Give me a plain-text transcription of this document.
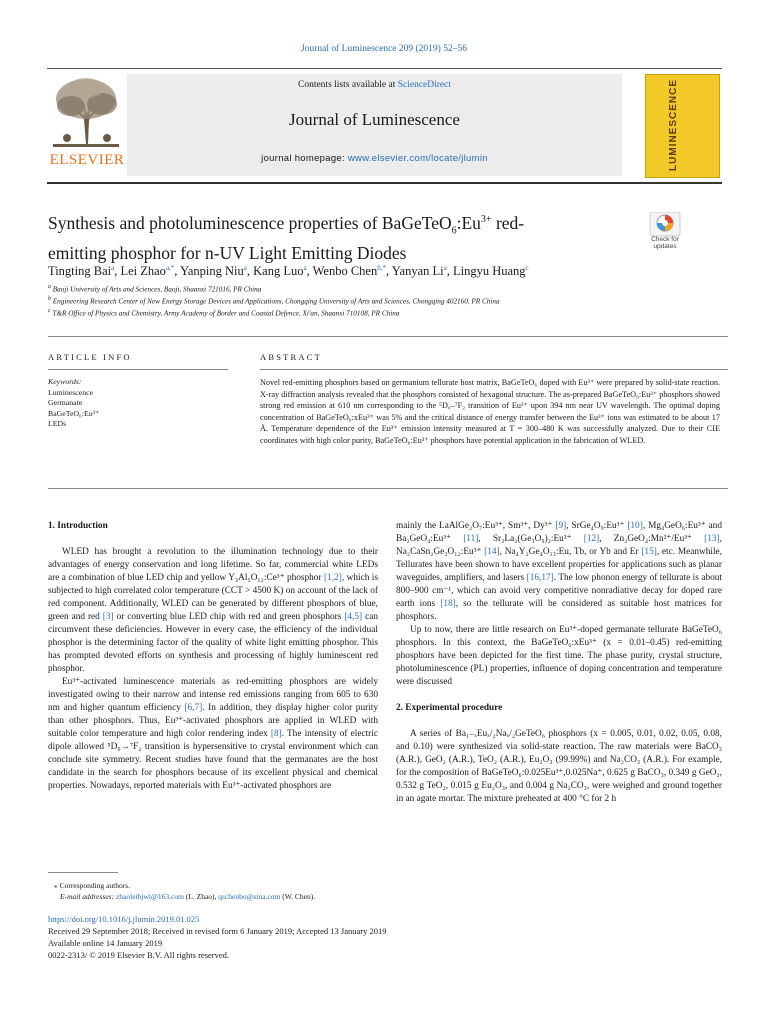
Journal of Luminescence 209 (2019) 52–56
ELSEVIER
Contents lists available at ScienceDirect
Journal of Luminescence
journal homepage: www.elsevier.com/locate/jlumin	LUMINESCENCE
Synthesis and photoluminescence properties of $BaGeTeO_6:Eu^{3+}$ red-
emitting phosphor for n-UV Light Emitting Diodes
Check for
updates
Tingting Bai$^a$, Lei Zhao$^{a,*}$, Yanping Niu$^a$, Kang Luo$^a$, Wenbo Chen$^{b,*}$, Yanyan Li$^a$, Lingyu Huang$^c$
$^a$ Baoji University of Arts and Sciences, Baoji, Shaanxi 721016, PR China
$^b$ Engineering Research Center of New Energy Storage Devices and Applications, Chongqing University of Arts and Sciences, Chongqing 402160, PR China
$^c$ T&R Office of Physics and Chemistry, Army Academy of Border and Coastal Defence, Xi'an, Shaanxi 710108, PR China
ARTICLE INFO	ABSTRACT
Keywords:
Luminescence
Germanate
BaGeTeO₆:Eu³⁺
LEDs
Novel red-emitting phosphors based on germanium tellurate host matrix, BaGeTeO₆ doped with Eu³⁺ were prepared by solid-state reaction. X-ray diffraction analysis revealed that the phosphors consisted of hexagonal structure. The as-prepared BaGeTeO₆:Eu³⁺ phosphors showed strong red emission at 610 nm corresponding to the ⁵D₀–⁷F₂ transition of Eu³⁺ upon 394 nm near UV wavelength. The optimal doping concentration of BaGeTeO₆:xEu³⁺ was 5% and the critical distance of energy transfer between the Eu³⁺ ions was estimated to be about 17 Å. Temperature dependence of the Eu³⁺ emission intensity measured at T = 300–480 K was successfully analyzed. Due to their CIE coordinates with high color purity, BaGeTeO₆:Eu³⁺ phosphors have potential application in the fabrication of WLED.

1. Introduction

WLED has brought a revolution to the illumination technology due to their advantages of energy conservation and long lifetime. So far, commercial white LEDs are a combination of blue LED chip and yellow Y₃Al₅O₁₂:Ce³⁺ phosphor [1,2], which is subjected to high correlated color temperature (CCT > 4500 K) on account of the lack of red component. Additionally, WLED can be generated by different phosphors of blue, green and red [3] or converting blue LED chip with red and green phosphors [4,5] can circumvent these deficiencies. However in every case, the efficiency of the individual phosphor is the determining factor of the quality of white light emitting phosphor. This has prompted devoted efforts on synthesis and processing of highly luminescent red phosphor.

Eu³⁺-activated luminescence materials as red-emitting phosphors are widely investigated owing to their narrow and intense red emissions ranging from 605 to 630 nm and higher quantum efficiency [6,7]. In addition, they display higher color purity than other phosphors. Thus, Eu³⁺-activated phosphors are applied in WLED with suitable color temperature and high color rendering index [8]. The intensity of electric dipole allowed ⁵D₀→⁷F₂ transition is hypersensitive to crystal environment which can conclude site symmetry. Recent studies have found that the germanates are the host candidate in the search for phosphors because of its excellent physical and chemical properties. Nowadays, reported materials with Eu³⁺-activated phosphors are

mainly the LaAlGe₂O₇:Eu³⁺, Sm³⁺, Dy³⁺ [9], SrGe₄O₉:Eu³⁺ [10], Mg₄GeO₆:Eu³⁺ and Ba₂GeO₄:Eu³⁺ [11], Sr₃La₂(Ge₃O₉)₂:Eu³⁺ [12], Zn₂GeO₄:Mn²⁺/Eu³⁺ [13], Na₂CaSn₂Ge₃O₁₂:Eu³⁺ [14], Na₄Y₂Ge₄O₁₃:Eu, Tb, or Yb and Er [15], etc. Meanwhile, Tellurates have been shown to have excellent properties for applications such as planar waveguides, amplifiers, and lasers [16,17]. The low phonon energy of tellurate is about 800–900 cm⁻¹, which can avoid very competitive nonradiative decay for doped rare earth ions [18], so the tellurate will be considered as suitable host matrices for phosphors.

Up to now, there are little research on Eu³⁺-doped germanate tellurate BaGeTeO₆ phosphors. In this context, the BaGeTeO₆:xEu³⁺ (x = 0.01–0.45) red-emitting phosphors have been depicted for the first time. The phase purity, crystal structure, photoluminescence (PL) properties, influence of doping concentration and temperature were discussed

2. Experimental procedure

A series of Ba₁₋ₓEuₓ/₂Naₓ/₂GeTeO₆ phosphors (x = 0.005, 0.01, 0.02, 0.05, 0.08, and 0.10) were synthesized via solid-state reaction. The raw materials were BaCO₃ (A.R.), GeO₂ (A.R.), TeO₂ (A.R.), Eu₂O₃ (99.99%) and Na₂CO₃ (A.R.). For example, for the composition of BaGeTeO₆:0.025Eu³⁺,0.025Na⁺, 0.625 g BaCO₃, 0.349 g GeO₂, 0.532 g TeO₂, 0.015 g Eu₂O₃, and 0.004 g Na₂CO₃, were weighed and ground together in an agate mortar. The mixture preheated at 400 °C for 2 h

⁎ Corresponding authors.
E-mail addresses: zhaoleibjwl@163.com (L. Zhao), qschenbo@sina.com (W. Chen).
https://doi.org/10.1016/j.jlumin.2019.01.025
Received 29 September 2018; Received in revised form 6 January 2019; Accepted 13 January 2019
Available online 14 January 2019
0022-2313/ © 2019 Elsevier B.V. All rights reserved.
